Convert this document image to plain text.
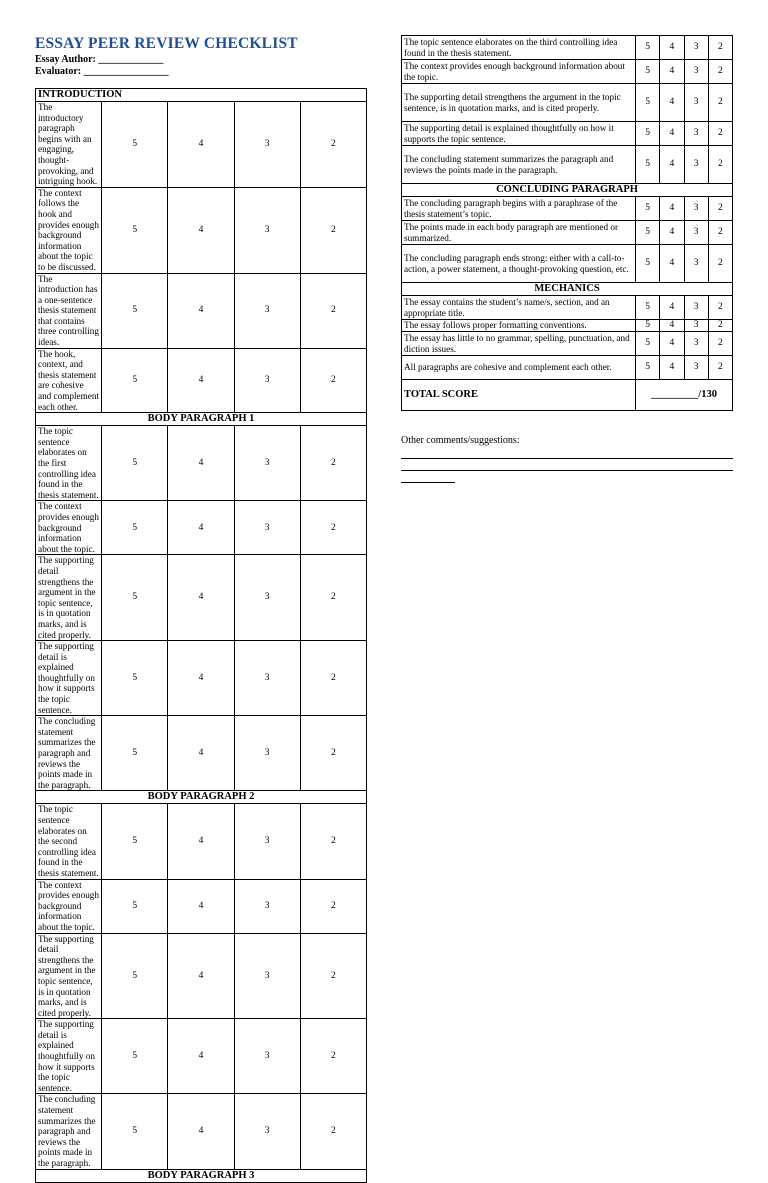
ESSAY PEER REVIEW CHECKLIST

Essay Author: _____________

Evaluator: _________________

INTRODUCTION				
The introductory paragraph begins with an engaging, thought-provoking, and intriguing hook.	5	4	3	2
The context follows the hook and provides enough background information about the topic to be discussed.	5	4	3	2
The introduction has a one-sentence thesis statement that contains three controlling ideas.	5	4	3	2
The hook, context, and thesis statement are cohesive and complement each other.	5	4	3	2
BODY PARAGRAPH 1				
The topic sentence elaborates on the first controlling idea found in the thesis statement.	5	4	3	2
The context provides enough background information about the topic.	5	4	3	2
The supporting detail strengthens the argument in the topic sentence, is in quotation marks, and is cited properly.	5	4	3	2
The supporting detail is explained thoughtfully on how it supports the topic sentence.	5	4	3	2
The concluding statement summarizes the paragraph and reviews the points made in the paragraph.	5	4	3	2
BODY PARAGRAPH 2				
The topic sentence elaborates on the second controlling idea found in the thesis statement.	5	4	3	2
The context provides enough background information about the topic.	5	4	3	2
The supporting detail strengthens the argument in the topic sentence, is in quotation marks, and is cited properly.	5	4	3	2
The supporting detail is explained thoughtfully on how it supports the topic sentence.	5	4	3	2
The concluding statement summarizes the paragraph and reviews the points made in the paragraph.	5	4	3	2
BODY PARAGRAPH 3				
The topic sentence elaborates on the third controlling idea found in the thesis statement.	5	4	3	2
The context provides enough background information about the topic.	5	4	3	2
The supporting detail strengthens the argument in the topic sentence, is in quotation marks, and is cited properly.	5	4	3	2
The supporting detail is explained thoughtfully on how it supports the topic sentence.	5	4	3	2
The concluding statement summarizes the paragraph and reviews the points made in the paragraph.	5	4	3	2
CONCLUDING PARAGRAPH				
The concluding paragraph begins with a paraphrase of the thesis statement’s topic.	5	4	3	2
The points made in each body paragraph are mentioned or summarized.	5	4	3	2
The concluding paragraph ends strong: either with a call-to-action, a power statement, a thought-provoking question, etc.	5	4	3	2
MECHANICS				
The essay contains the student’s name/s, section, and an appropriate title.	5	4	3	2
The essay follows proper formatting conventions.	5	4	3	2
The essay has little to no grammar, spelling, punctuation, and diction issues.	5	4	3	2
All paragraphs are cohesive and complement each other.	5	4	3	2
TOTAL SCORE	_________/130			
Other comments/suggestions:
